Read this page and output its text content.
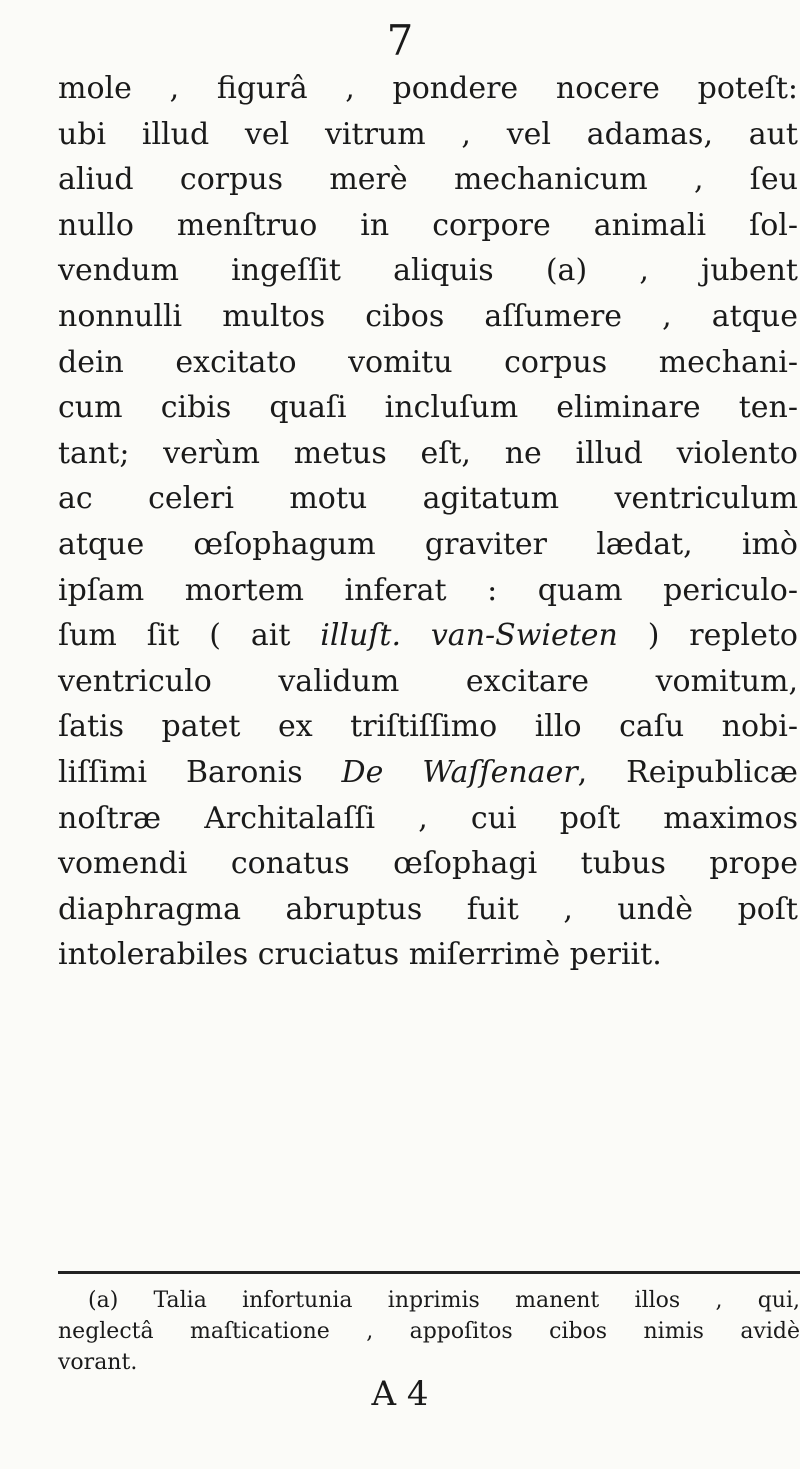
7
mole , figurâ , pondere nocere poteſt:
ubi illud vel vitrum , vel adamas, aut
aliud corpus merè mechanicum , ſeu
nullo menſtruo in corpore animali ſol-
vendum ingeſſit aliquis (a) , jubent
nonnulli multos cibos aſſumere , atque
dein excitato vomitu corpus mechani-
cum cibis quaſi incluſum eliminare ten-
tant; verùm metus eſt, ne illud violento
ac celeri motu agitatum ventriculum
atque œſophagum graviter lædat, imò
ipſam mortem inferat : quam periculo-
ſum ſit ( ait illuſt. van-Swieten ) repleto
ventriculo validum excitare vomitum,
ſatis patet ex triſtiſſimo illo caſu nobi-
liſſimi Baronis De Waſſenaer, Reipublicæ
noſtræ Architalaſſi , cui poſt maximos
vomendi conatus œſophagi tubus prope
diaphragma abruptus fuit , undè poſt
intolerabiles cruciatus miſerrimè periit.
(a) Talia infortunia inprimis manent illos , qui,
neglectâ maſticatione , appoſitos cibos nimis avidè
vorant.
A 4
